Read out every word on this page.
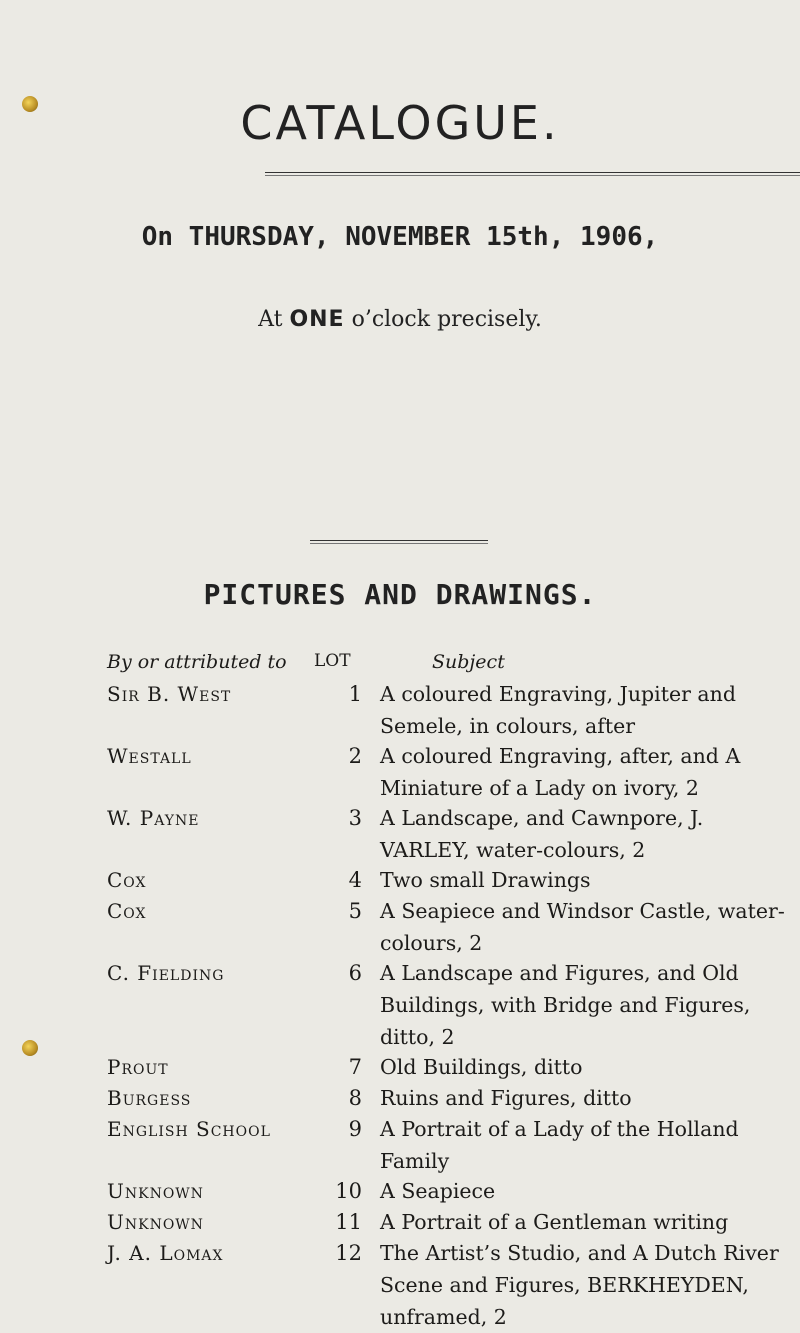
CATALOGUE.
On THURSDAY, NOVEMBER 15th, 1906,
At ONE o’clock precisely.
PICTURES AND DRAWINGS.
By or attributed to LOT	Subject
Sir B. West	1 A coloured Engraving, Jupiter and Semele, in colours, after
Westall	2 A coloured Engraving, after, and A Miniature of a Lady on ivory, 2
W. Payne	3 A Landscape, and Cawnpore, J. VARLEY, water-colours, 2
Cox	4 Two small Drawings
Cox	5 A Seapiece and Windsor Castle, water-colours, 2
C. Fielding	6 A Landscape and Figures, and Old Buildings, with Bridge and Figures, ditto, 2
Prout	7 Old Buildings, ditto
Burgess	8 Ruins and Figures, ditto
English School	9 A Portrait of a Lady of the Holland Family
Unknown	10 A Seapiece
Unknown	11 A Portrait of a Gentleman writing
J. A. Lomax	12 The Artist’s Studio, and A Dutch River Scene and Figures, BERKHEYDEN, unframed, 2
